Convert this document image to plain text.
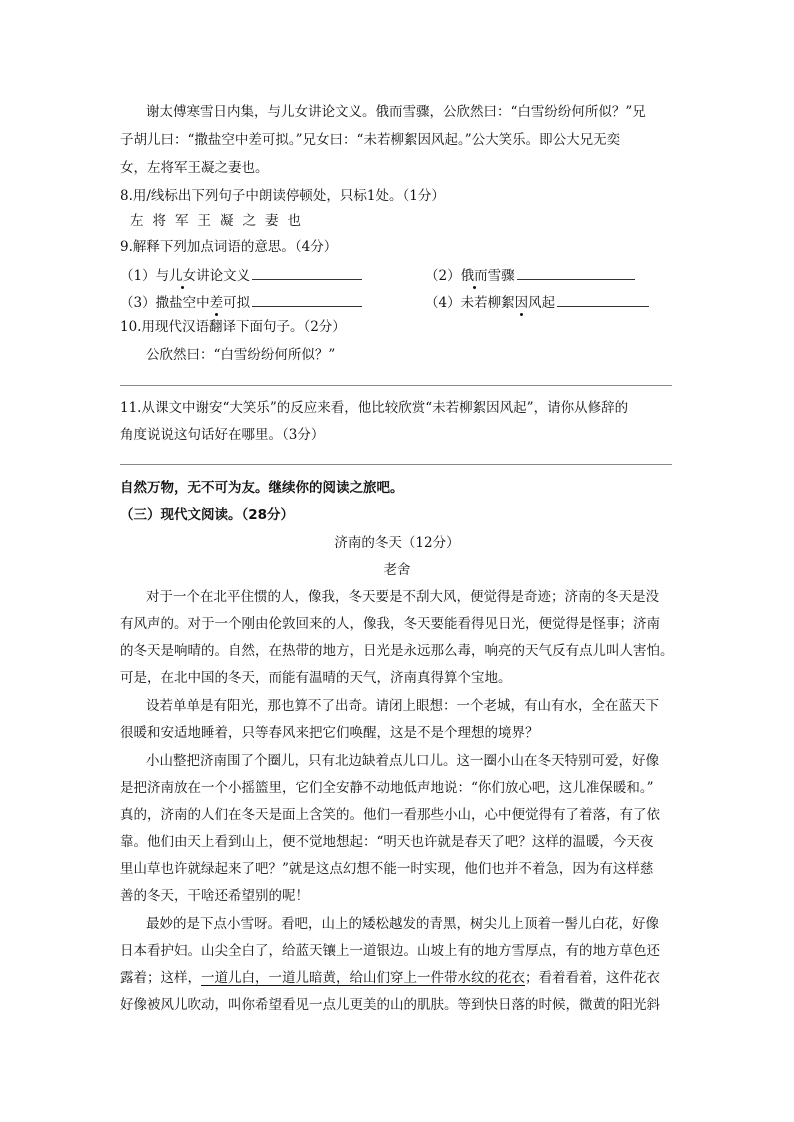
谢太傅寒雪日内集，与儿女讲论文义。俄而雪骤，公欣然曰：“白雪纷纷何所似？”兄
子胡儿曰：“撒盐空中差可拟。”兄女曰：“未若柳絮因风起。”公大笑乐。即公大兄无奕
女，左将军王凝之妻也。
8.用/线标出下列句子中朗读停顿处，只标1处。（1分）
左将军王凝之妻也
9.解释下列加点词语的意思。（4分）
（1）与儿女讲论文义	（2）俄而雪骤
（3）撒盐空中差可拟	（4）未若柳絮因风起
10.用现代汉语翻译下面句子。（2分）
公欣然曰：“白雪纷纷何所似？”
11.从课文中谢安“大笑乐”的反应来看，他比较欣赏“未若柳絮因风起”，请你从修辞的
角度说说这句话好在哪里。（3分）
自然万物，无不可为友。继续你的阅读之旅吧。
（三）现代文阅读。（28分）
济南的冬天（12分）
老舍
对于一个在北平住惯的人，像我，冬天要是不刮大风，便觉得是奇迹；济南的冬天是没
有风声的。对于一个刚由伦敦回来的人，像我，冬天要能看得见日光，便觉得是怪事；济南
的冬天是响晴的。自然，在热带的地方，日光是永远那么毒，响亮的天气反有点儿叫人害怕。
可是，在北中国的冬天，而能有温晴的天气，济南真得算个宝地。
设若单单是有阳光，那也算不了出奇。请闭上眼想：一个老城，有山有水，全在蓝天下
很暖和安适地睡着，只等春风来把它们唤醒，这是不是个理想的境界？
小山整把济南围了个圈儿，只有北边缺着点儿口儿。这一圈小山在冬天特别可爱，好像
是把济南放在一个小摇篮里，它们全安静不动地低声地说：“你们放心吧，这儿准保暖和。”
真的，济南的人们在冬天是面上含笑的。他们一看那些小山，心中便觉得有了着落，有了依
靠。他们由天上看到山上，便不觉地想起：“明天也许就是春天了吧？这样的温暖，今天夜
里山草也许就绿起来了吧？”就是这点幻想不能一时实现，他们也并不着急，因为有这样慈
善的冬天，干啥还希望别的呢！
最妙的是下点小雪呀。看吧，山上的矮松越发的青黑，树尖儿上顶着一髻儿白花，好像
日本看护妇。山尖全白了，给蓝天镶上一道银边。山坡上有的地方雪厚点，有的地方草色还
露着；这样，一道儿白，一道儿暗黄，给山们穿上一件带水纹的花衣；看着看着，这件花衣
好像被风儿吹动，叫你希望看见一点儿更美的山的肌肤。等到快日落的时候，微黄的阳光斜
